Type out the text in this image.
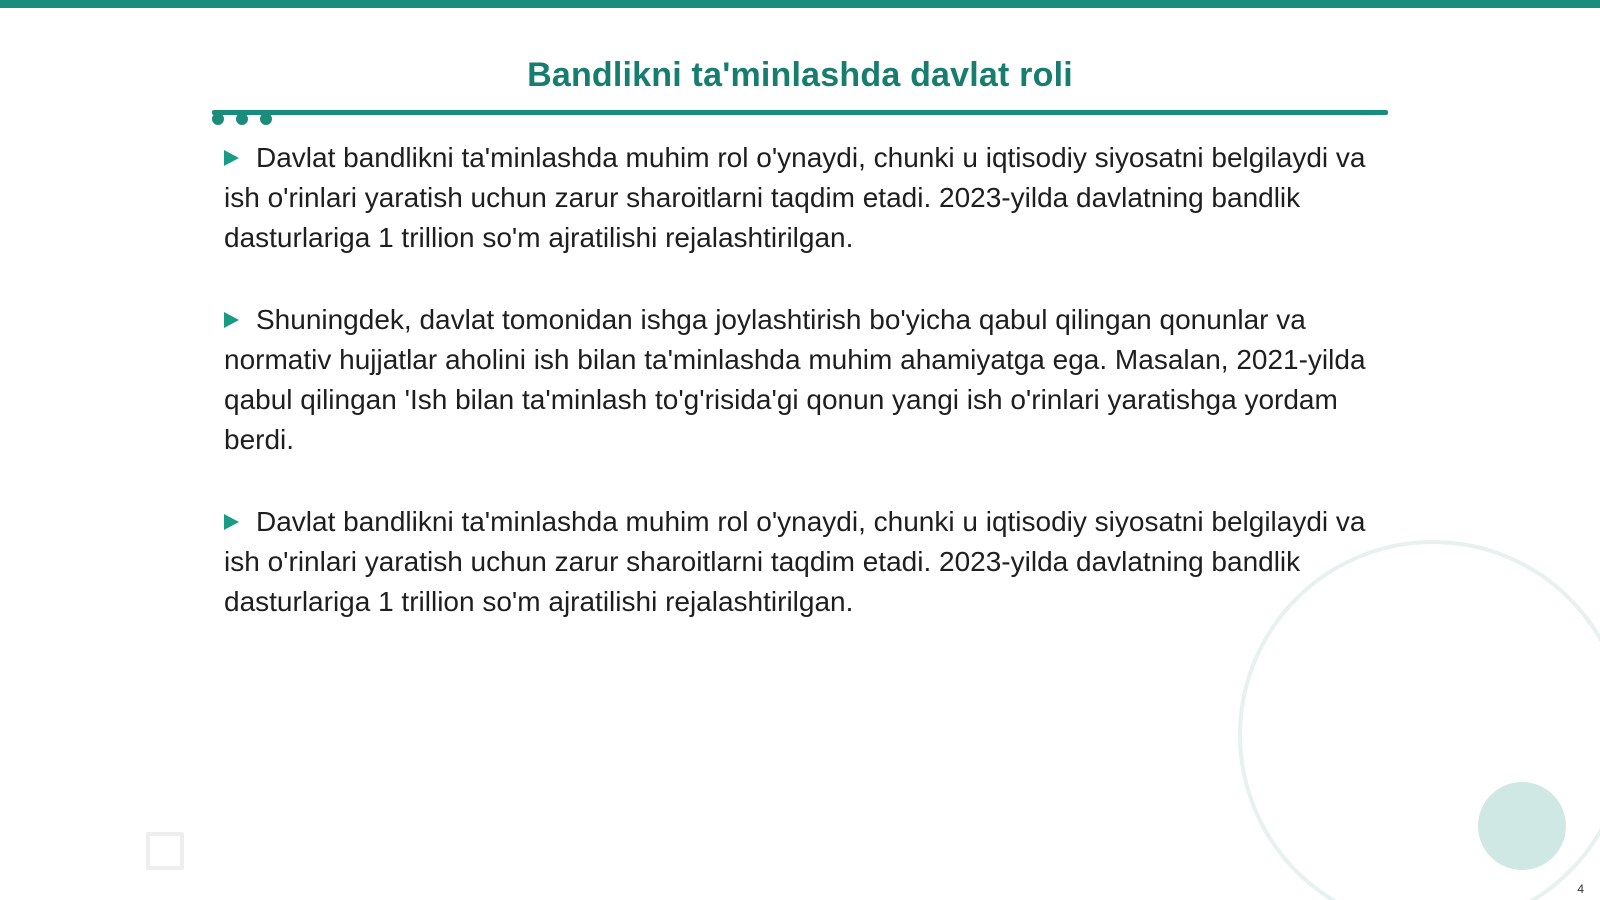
Bandlikni ta'minlashda davlat roli

Davlat bandlikni ta'minlashda muhim rol o'ynaydi, chunki u iqtisodiy siyosatni belgilaydi va ish o'rinlari yaratish uchun zarur sharoitlarni taqdim etadi. 2023-yilda davlatning bandlik dasturlariga 1 trillion so'm ajratilishi rejalashtirilgan.

Shuningdek, davlat tomonidan ishga joylashtirish bo'yicha qabul qilingan qonunlar va normativ hujjatlar aholini ish bilan ta'minlashda muhim ahamiyatga ega. Masalan, 2021-yilda qabul qilingan 'Ish bilan ta'minlash to'g'risida'gi qonun yangi ish o'rinlari yaratishga yordam berdi.

Davlat bandlikni ta'minlashda muhim rol o'ynaydi, chunki u iqtisodiy siyosatni belgilaydi va ish o'rinlari yaratish uchun zarur sharoitlarni taqdim etadi. 2023-yilda davlatning bandlik dasturlariga 1 trillion so'm ajratilishi rejalashtirilgan.

4
